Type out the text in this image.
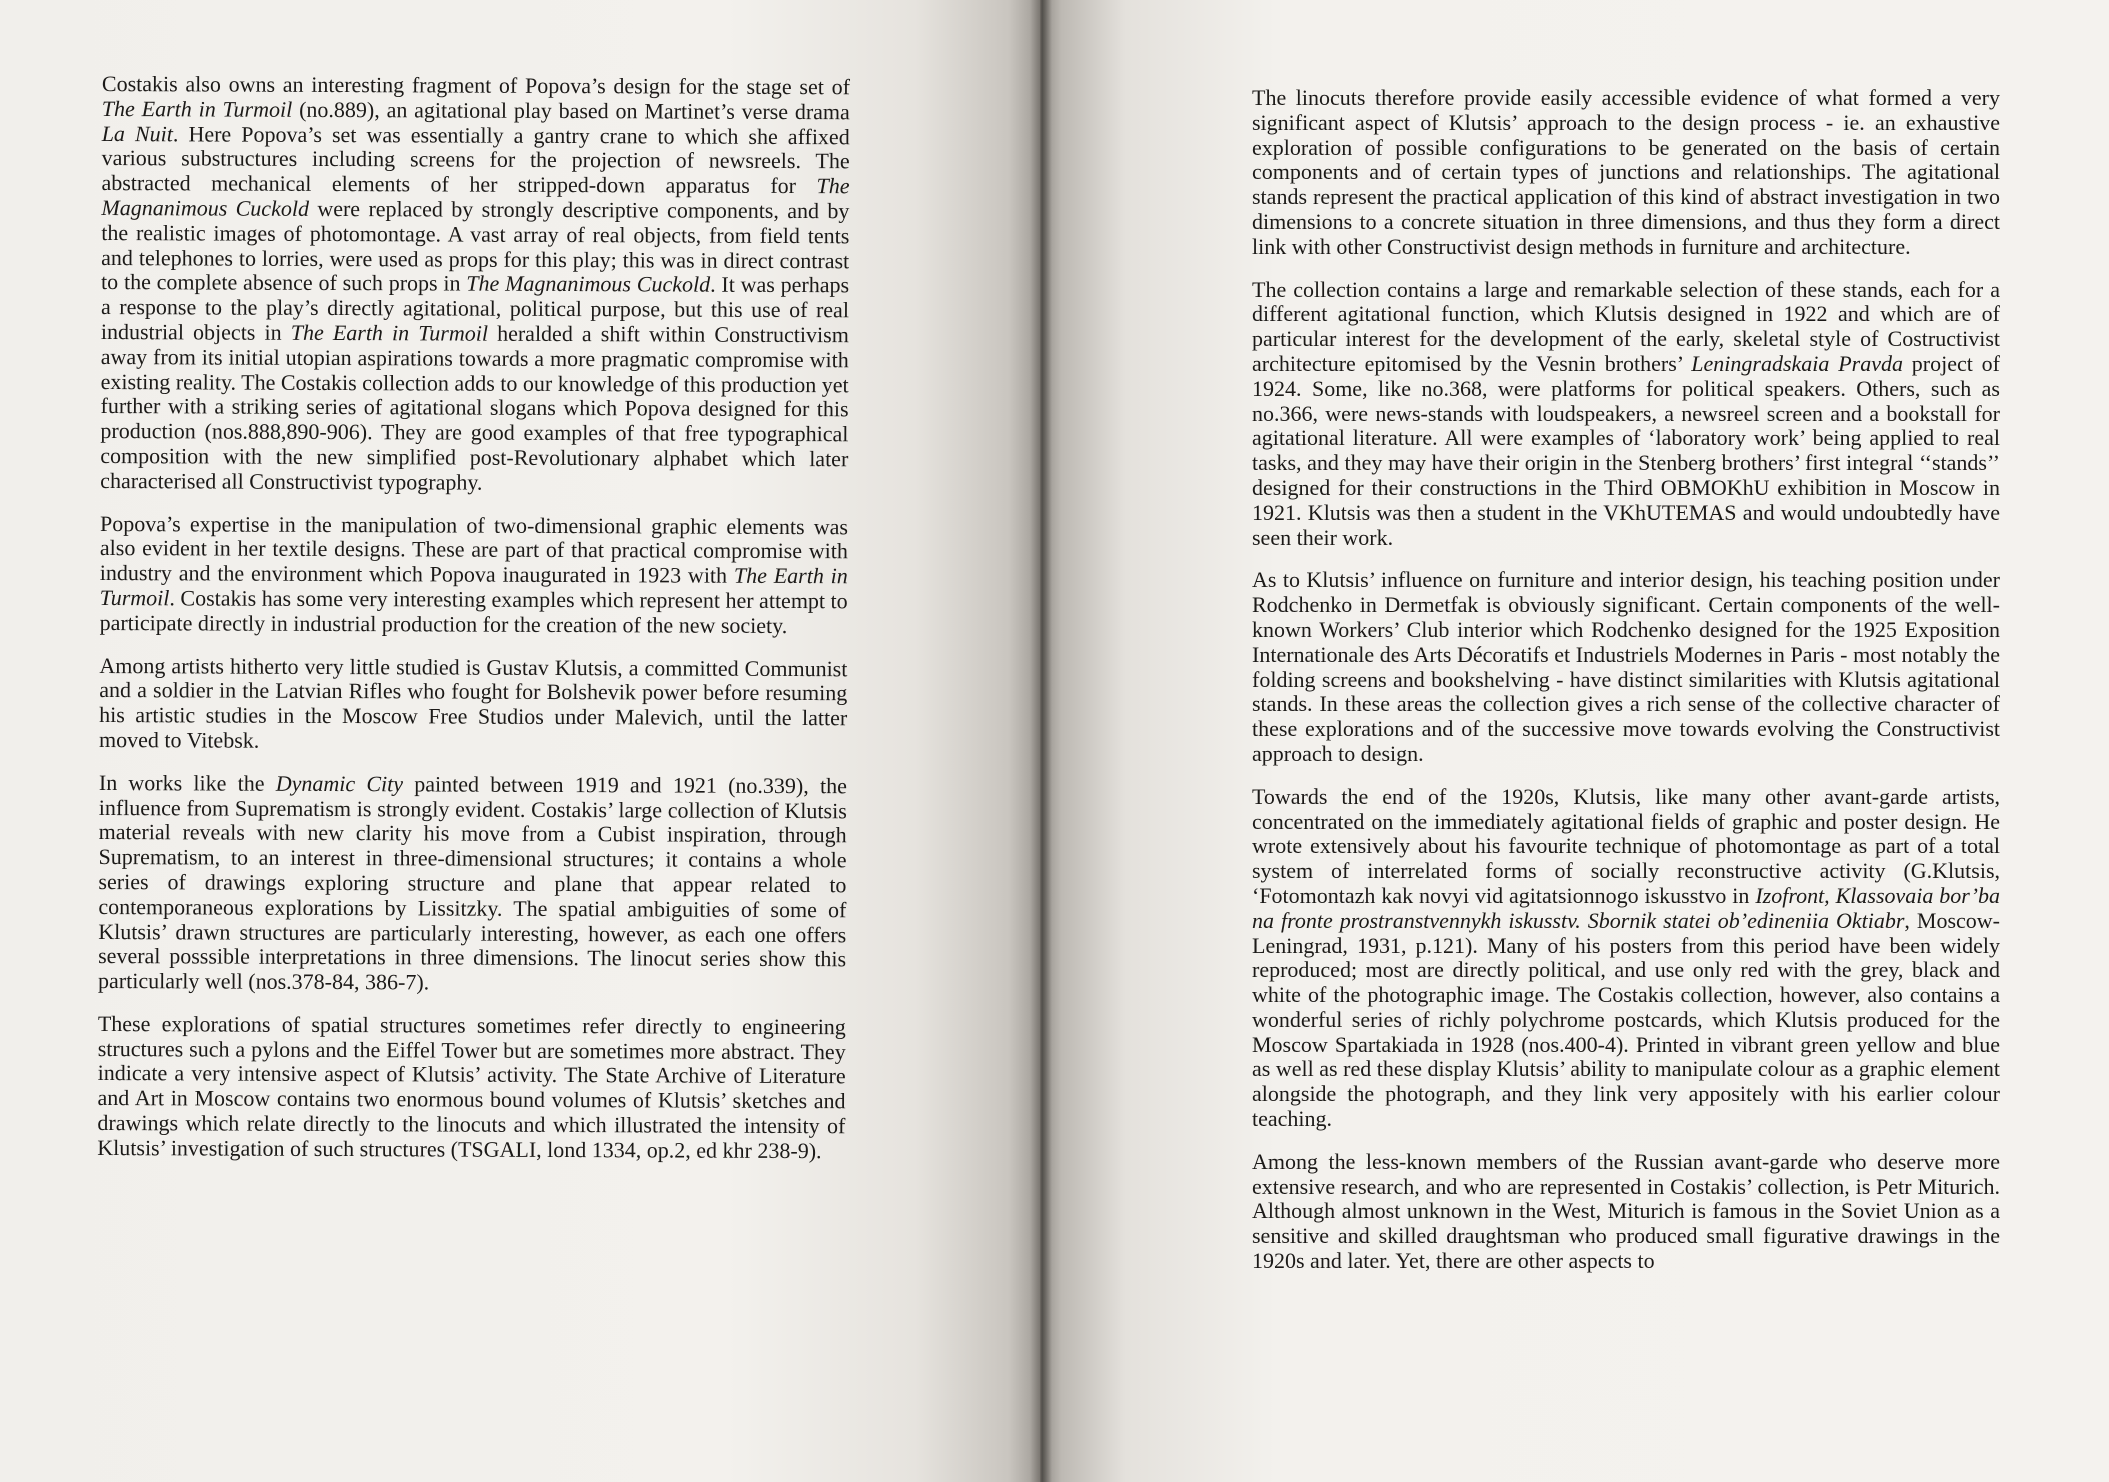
Costakis also owns an interesting fragment of Popova’s design for the stage set of The Earth in Turmoil (no.889), an agitational play based on Martinet’s verse drama La Nuit. Here Popova’s set was essentially a gantry crane to which she affixed various substructures including screens for the projection of newsreels. The abstracted mechanical elements of her stripped-down apparatus for The Magnanimous Cuckold were replaced by strongly descriptive components, and by the realistic images of photomontage. A vast array of real objects, from field tents and telephones to lorries, were used as props for this play; this was in direct contrast to the complete absence of such props in The Magnanimous Cuckold. It was perhaps a response to the play’s directly agitational, political purpose, but this use of real industrial objects in The Earth in Turmoil heralded a shift within Constructivism away from its initial utopian aspirations towards a more pragmatic compromise with existing reality. The Costakis collection adds to our knowledge of this production yet further with a striking series of agitational slogans which Popova designed for this production (nos.888,890-906). They are good examples of that free typographical composition with the new simplified post-Revolutionary alphabet which later characterised all Constructivist typography.

Popova’s expertise in the manipulation of two-dimensional graphic elements was also evident in her textile designs. These are part of that practical compromise with industry and the environment which Popova inaugurated in 1923 with The Earth in Turmoil. Costakis has some very interesting examples which represent her attempt to participate directly in industrial production for the creation of the new society.

Among artists hitherto very little studied is Gustav Klutsis, a committed Communist and a soldier in the Latvian Rifles who fought for Bolshevik power before resuming his artistic studies in the Moscow Free Studios under Malevich, until the latter moved to Vitebsk.

In works like the Dynamic City painted between 1919 and 1921 (no.339), the influence from Suprematism is strongly evident. Costakis’ large collection of Klutsis material reveals with new clarity his move from a Cubist inspiration, through Suprematism, to an interest in three-dimensional structures; it contains a whole series of drawings exploring structure and plane that appear related to contemporaneous explorations by Lissitzky. The spatial ambiguities of some of Klutsis’ drawn structures are particularly interesting, however, as each one offers several posssible interpretations in three dimensions. The linocut series show this particularly well (nos.378-84, 386-7).

These explorations of spatial structures sometimes refer directly to engineering structures such a pylons and the Eiffel Tower but are sometimes more abstract. They indicate a very intensive aspect of Klutsis’ activity. The State Archive of Literature and Art in Moscow contains two enormous bound volumes of Klutsis’ sketches and drawings which relate directly to the linocuts and which illustrated the intensity of Klutsis’ investigation of such structures (TSGALI, lond 1334, op.2, ed khr 238-9).

The linocuts therefore provide easily accessible evidence of what formed a very significant aspect of Klutsis’ approach to the design process - ie. an exhaustive exploration of possible configurations to be generated on the basis of certain components and of certain types of junctions and relationships. The agitational stands represent the practical application of this kind of abstract investigation in two dimensions to a concrete situation in three dimensions, and thus they form a direct link with other Constructivist design methods in furniture and architecture.

The collection contains a large and remarkable selection of these stands, each for a different agitational function, which Klutsis designed in 1922 and which are of particular interest for the development of the early, skeletal style of Costructivist architecture epitomised by the Vesnin brothers’ Leningradskaia Pravda project of 1924. Some, like no.368, were platforms for political speakers. Others, such as no.366, were news-stands with loudspeakers, a newsreel screen and a bookstall for agitational literature. All were examples of ‘laboratory work’ being applied to real tasks, and they may have their origin in the Stenberg brothers’ first integral ‘‘stands’’ designed for their constructions in the Third OBMOKhU exhibition in Moscow in 1921. Klutsis was then a student in the VKhUTEMAS and would undoubtedly have seen their work.

As to Klutsis’ influence on furniture and interior design, his teaching position under Rodchenko in Dermetfak is obviously significant. Certain components of the well-known Workers’ Club interior which Rodchenko designed for the 1925 Exposition Internationale des Arts Décoratifs et Industriels Modernes in Paris - most notably the folding screens and bookshelving - have distinct similarities with Klutsis agitational stands. In these areas the collection gives a rich sense of the collective character of these explorations and of the successive move towards evolving the Constructivist approach to design.

Towards the end of the 1920s, Klutsis, like many other avant-garde artists, concentrated on the immediately agitational fields of graphic and poster design. He wrote extensively about his favourite technique of photomontage as part of a total system of interrelated forms of socially reconstructive activity (G.Klutsis, ‘Fotomontazh kak novyi vid agitatsionnogo iskusstvo in Izofront, Klassovaia bor’ba na fronte prostranstvennykh iskusstv. Sbornik statei ob’edineniia Oktiabr, Moscow-Leningrad, 1931, p.121). Many of his posters from this period have been widely reproduced; most are directly political, and use only red with the grey, black and white of the photographic image. The Costakis collection, however, also contains a wonderful series of richly polychrome postcards, which Klutsis produced for the Moscow Spartakiada in 1928 (nos.400-4). Printed in vibrant green yellow and blue as well as red these display Klutsis’ ability to manipulate colour as a graphic element alongside the photograph, and they link very appositely with his earlier colour teaching.

Among the less-known members of the Russian avant-garde who deserve more extensive research, and who are represented in Costakis’ collection, is Petr Miturich. Although almost unknown in the West, Miturich is famous in the Soviet Union as a sensitive and skilled draughtsman who produced small figurative drawings in the 1920s and later. Yet, there are other aspects to
